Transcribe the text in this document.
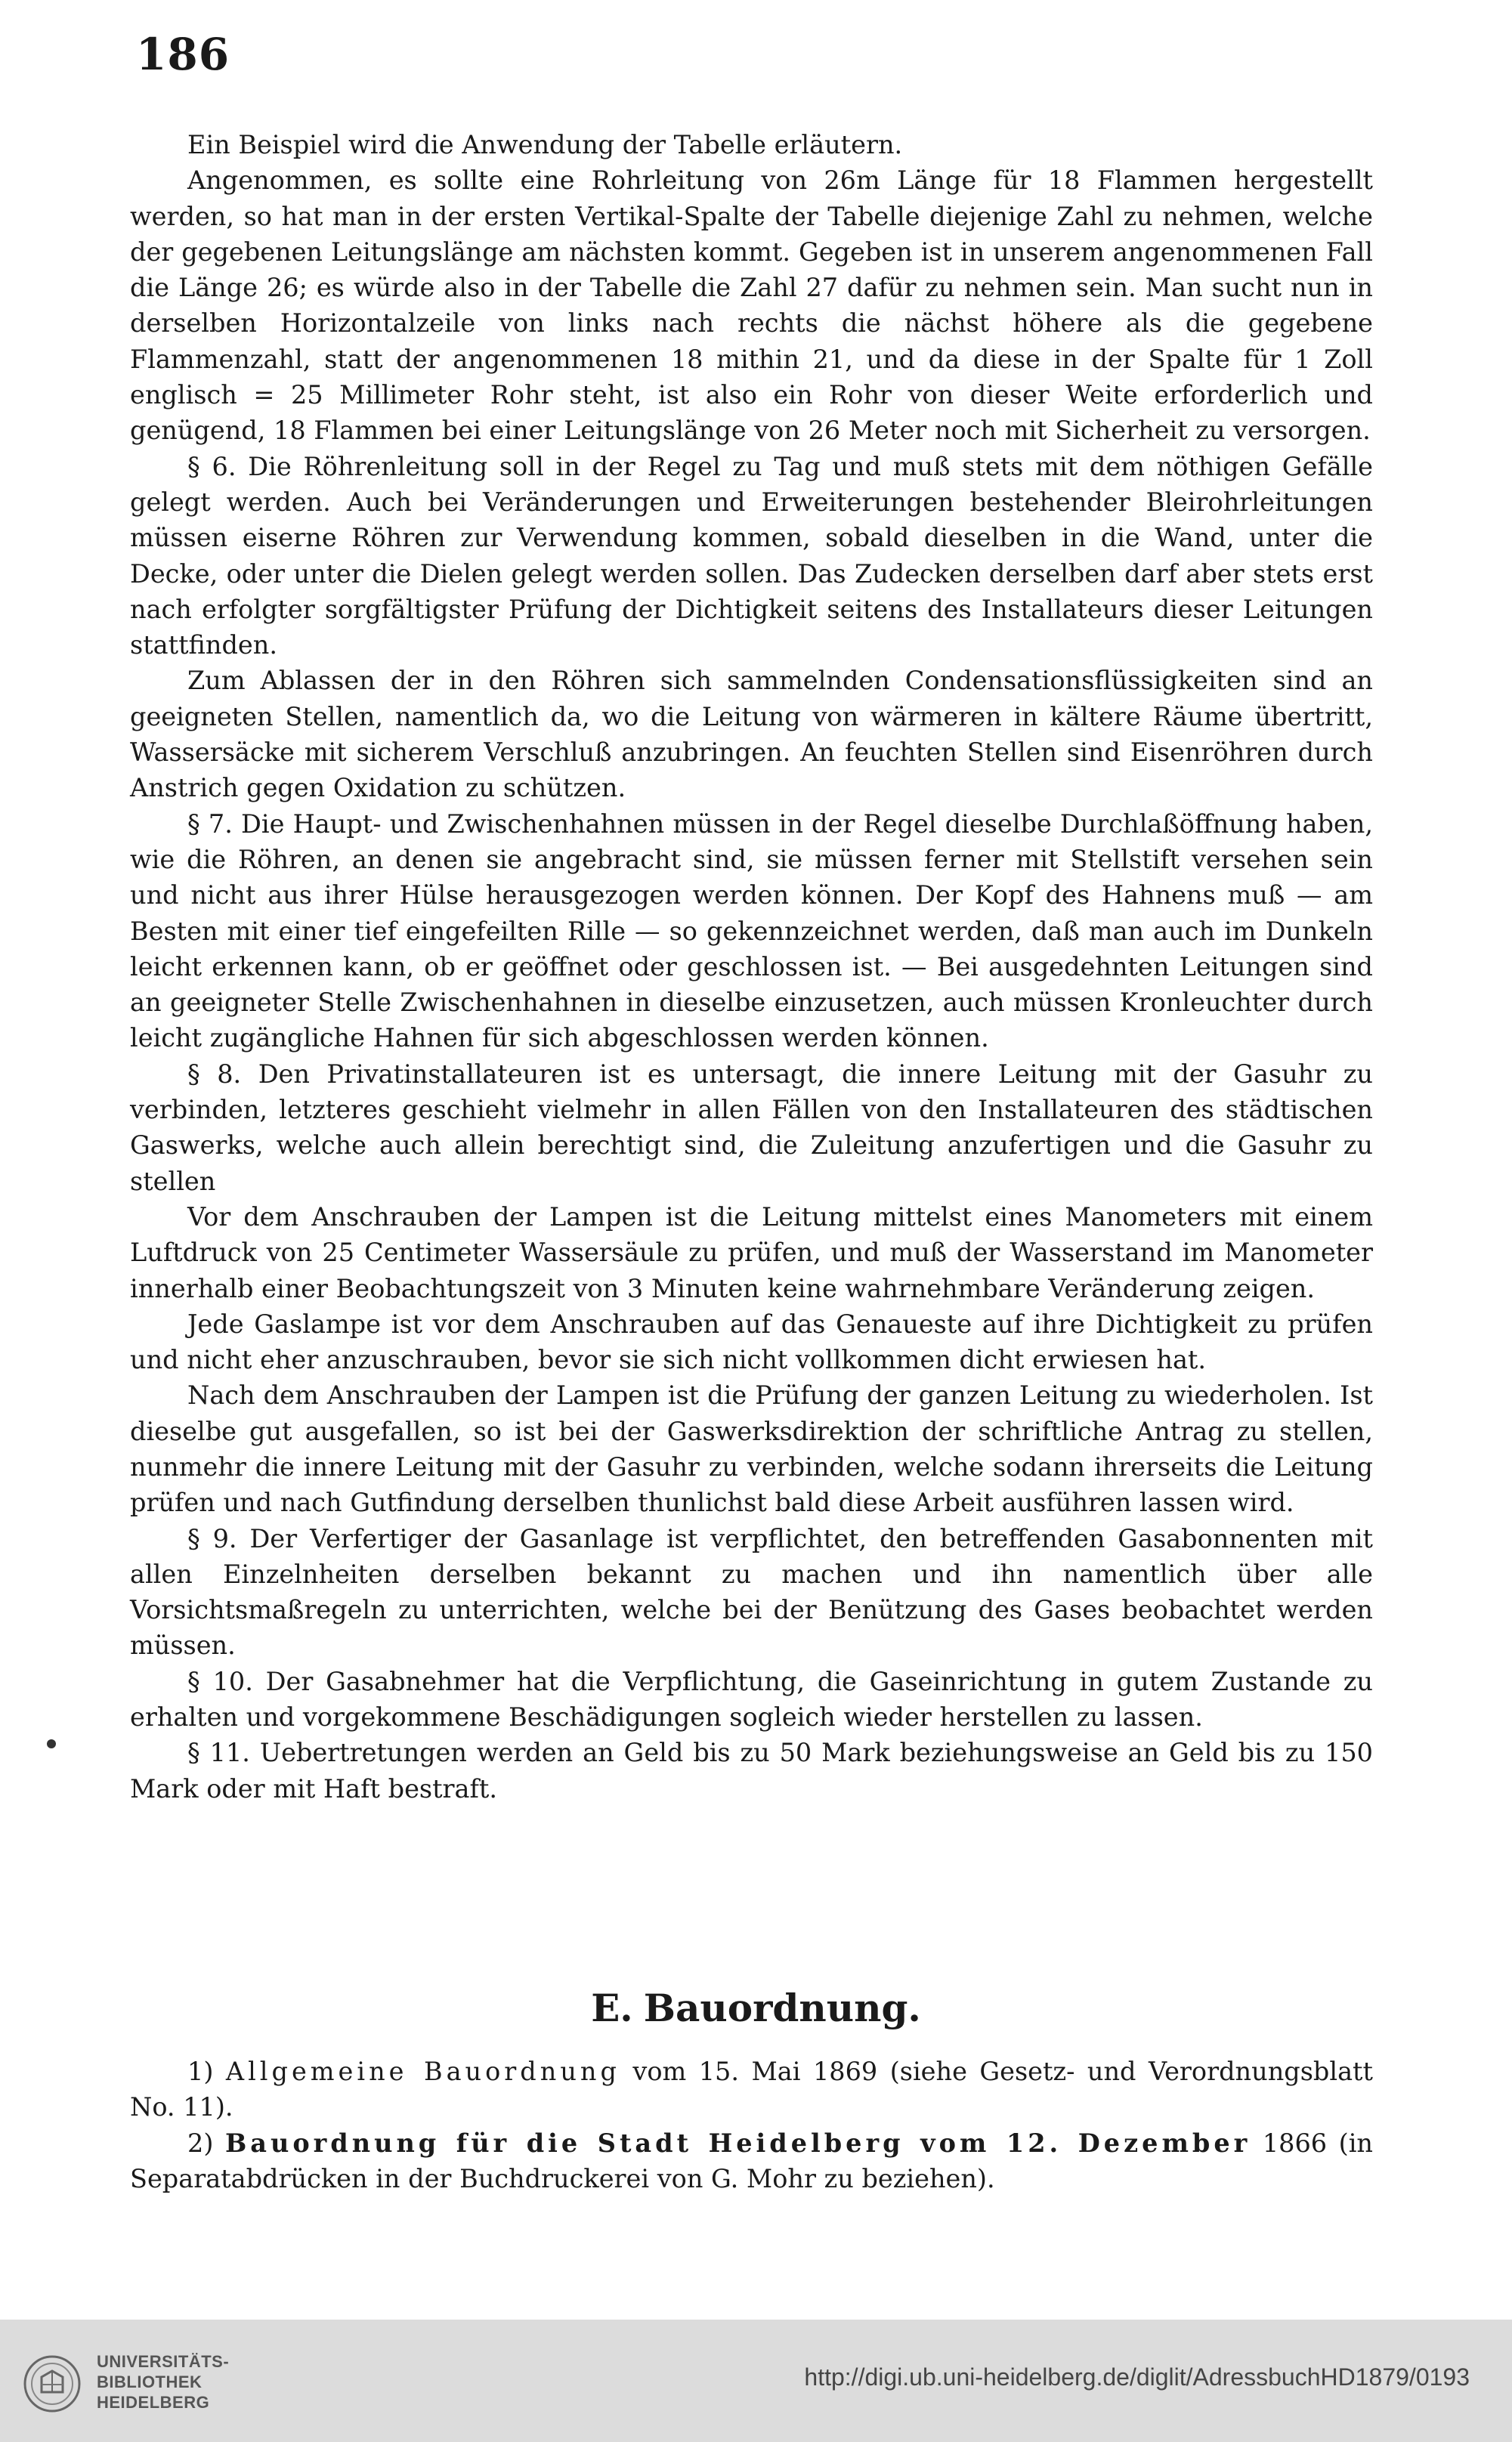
186

Ein Beispiel wird die Anwendung der Tabelle erläutern.

Angenommen, es sollte eine Rohrleitung von 26m Länge für 18 Flammen hergestellt werden, so hat man in der ersten Vertikal-Spalte der Tabelle diejenige Zahl zu nehmen, welche der gegebenen Leitungslänge am nächsten kommt. Gegeben ist in unserem angenommenen Fall die Länge 26; es würde also in der Tabelle die Zahl 27 dafür zu nehmen sein. Man sucht nun in derselben Horizontalzeile von links nach rechts die nächst höhere als die gegebene Flammenzahl, statt der angenommenen 18 mithin 21, und da diese in der Spalte für 1 Zoll englisch = 25 Millimeter Rohr steht, ist also ein Rohr von dieser Weite erforderlich und genügend, 18 Flammen bei einer Leitungslänge von 26 Meter noch mit Sicherheit zu versorgen.

§ 6. Die Röhrenleitung soll in der Regel zu Tag und muß stets mit dem nöthigen Gefälle gelegt werden. Auch bei Veränderungen und Erweiterungen bestehender Bleirohrleitungen müssen eiserne Röhren zur Verwendung kommen, sobald dieselben in die Wand, unter die Decke, oder unter die Dielen gelegt werden sollen. Das Zudecken derselben darf aber stets erst nach erfolgter sorgfältigster Prüfung der Dichtigkeit seitens des Installateurs dieser Leitungen stattfinden.

Zum Ablassen der in den Röhren sich sammelnden Condensationsflüssigkeiten sind an geeigneten Stellen, namentlich da, wo die Leitung von wärmeren in kältere Räume übertritt, Wassersäcke mit sicherem Verschluß anzubringen. An feuchten Stellen sind Eisenröhren durch Anstrich gegen Oxidation zu schützen.

§ 7. Die Haupt- und Zwischenhahnen müssen in der Regel dieselbe Durchlaßöffnung haben, wie die Röhren, an denen sie angebracht sind, sie müssen ferner mit Stellstift versehen sein und nicht aus ihrer Hülse herausgezogen werden können. Der Kopf des Hahnens muß — am Besten mit einer tief eingefeilten Rille — so gekennzeichnet werden, daß man auch im Dunkeln leicht erkennen kann, ob er geöffnet oder geschlossen ist. — Bei ausgedehnten Leitungen sind an geeigneter Stelle Zwischenhahnen in dieselbe einzusetzen, auch müssen Kronleuchter durch leicht zugängliche Hahnen für sich abgeschlossen werden können.

§ 8. Den Privatinstallateuren ist es untersagt, die innere Leitung mit der Gasuhr zu verbinden, letzteres geschieht vielmehr in allen Fällen von den Installateuren des städtischen Gaswerks, welche auch allein berechtigt sind, die Zuleitung anzufertigen und die Gasuhr zu stellen

Vor dem Anschrauben der Lampen ist die Leitung mittelst eines Manometers mit einem Luftdruck von 25 Centimeter Wassersäule zu prüfen, und muß der Wasserstand im Manometer innerhalb einer Beobachtungszeit von 3 Minuten keine wahrnehmbare Veränderung zeigen.

Jede Gaslampe ist vor dem Anschrauben auf das Genaueste auf ihre Dichtigkeit zu prüfen und nicht eher anzuschrauben, bevor sie sich nicht vollkommen dicht erwiesen hat.

Nach dem Anschrauben der Lampen ist die Prüfung der ganzen Leitung zu wiederholen. Ist dieselbe gut ausgefallen, so ist bei der Gaswerksdirektion der schriftliche Antrag zu stellen, nunmehr die innere Leitung mit der Gasuhr zu verbinden, welche sodann ihrerseits die Leitung prüfen und nach Gutfindung derselben thunlichst bald diese Arbeit ausführen lassen wird.

§ 9. Der Verfertiger der Gasanlage ist verpflichtet, den betreffenden Gasabonnenten mit allen Einzelnheiten derselben bekannt zu machen und ihn namentlich über alle Vorsichtsmaßregeln zu unterrichten, welche bei der Benützung des Gases beobachtet werden müssen.

§ 10. Der Gasabnehmer hat die Verpflichtung, die Gaseinrichtung in gutem Zustande zu erhalten und vorgekommene Beschädigungen sogleich wieder herstellen zu lassen.

§ 11. Uebertretungen werden an Geld bis zu 50 Mark beziehungsweise an Geld bis zu 150 Mark oder mit Haft bestraft.

E. Bauordnung.

1) Allgemeine Bauordnung vom 15. Mai 1869 (siehe Gesetz- und Verordnungsblatt No. 11).

2) Bauordnung für die Stadt Heidelberg vom 12. Dezember 1866 (in Separatabdrücken in der Buchdruckerei von G. Mohr zu beziehen).

UNIVERSITÄTS-
BIBLIOTHEK
HEIDELBERG
http://digi.ub.uni-heidelberg.de/diglit/AdressbuchHD1879/0193
